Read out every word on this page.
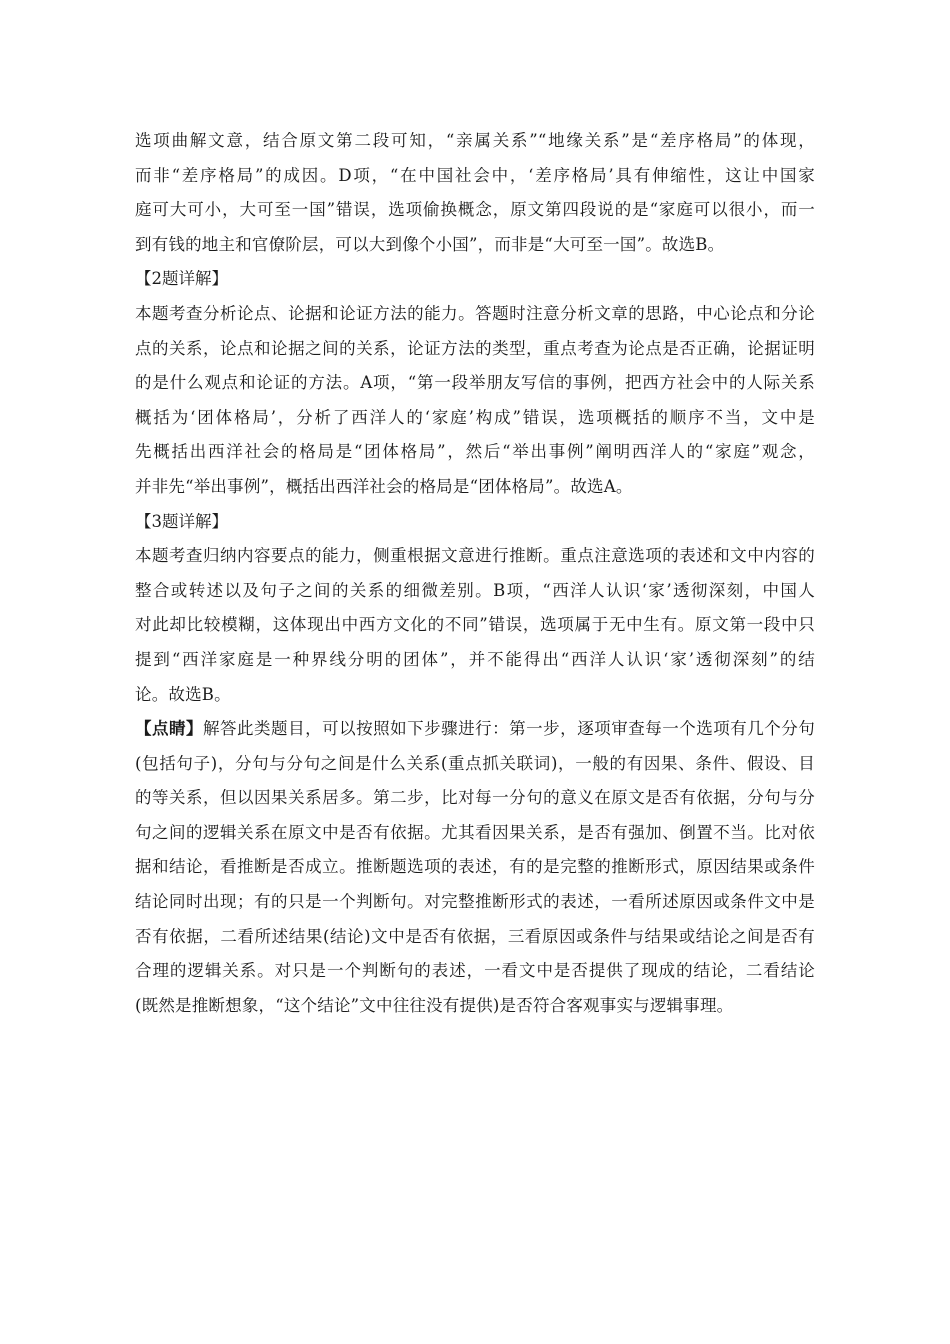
选项曲解文意，结合原文第二段可知，“亲属关系”“地缘关系”是“差序格局”的体现，
而非“差序格局”的成因。D项，“在中国社会中，‘差序格局’具有伸缩性，这让中国家
庭可大可小，大可至一国”错误，选项偷换概念，原文第四段说的是“家庭可以很小，而一
到有钱的地主和官僚阶层，可以大到像个小国”，而非是“大可至一国”。故选B。
【2题详解】
本题考查分析论点、论据和论证方法的能力。答题时注意分析文章的思路，中心论点和分论
点的关系，论点和论据之间的关系，论证方法的类型，重点考查为论点是否正确，论据证明
的是什么观点和论证的方法。A项，“第一段举朋友写信的事例，把西方社会中的人际关系
概括为‘团体格局’，分析了西洋人的‘家庭’构成”错误，选项概括的顺序不当，文中是
先概括出西洋社会的格局是“团体格局”，然后“举出事例”阐明西洋人的“家庭”观念，
并非先“举出事例”，概括出西洋社会的格局是“团体格局”。故选A。
【3题详解】
本题考查归纳内容要点的能力，侧重根据文意进行推断。重点注意选项的表述和文中内容的
整合或转述以及句子之间的关系的细微差别。B项，“西洋人认识‘家’透彻深刻，中国人
对此却比较模糊，这体现出中西方文化的不同”错误，选项属于无中生有。原文第一段中只
提到“西洋家庭是一种界线分明的团体”，并不能得出“西洋人认识‘家’透彻深刻”的结
论。故选B。
【点睛】解答此类题目，可以按照如下步骤进行：第一步，逐项审查每一个选项有几个分句
(包括句子)，分句与分句之间是什么关系(重点抓关联词)，一般的有因果、条件、假设、目
的等关系，但以因果关系居多。第二步，比对每一分句的意义在原文是否有依据，分句与分
句之间的逻辑关系在原文中是否有依据。尤其看因果关系，是否有强加、倒置不当。比对依
据和结论，看推断是否成立。推断题选项的表述，有的是完整的推断形式，原因结果或条件
结论同时出现；有的只是一个判断句。对完整推断形式的表述，一看所述原因或条件文中是
否有依据，二看所述结果(结论)文中是否有依据，三看原因或条件与结果或结论之间是否有
合理的逻辑关系。对只是一个判断句的表述，一看文中是否提供了现成的结论，二看结论
(既然是推断想象，“这个结论”文中往往没有提供)是否符合客观事实与逻辑事理。
